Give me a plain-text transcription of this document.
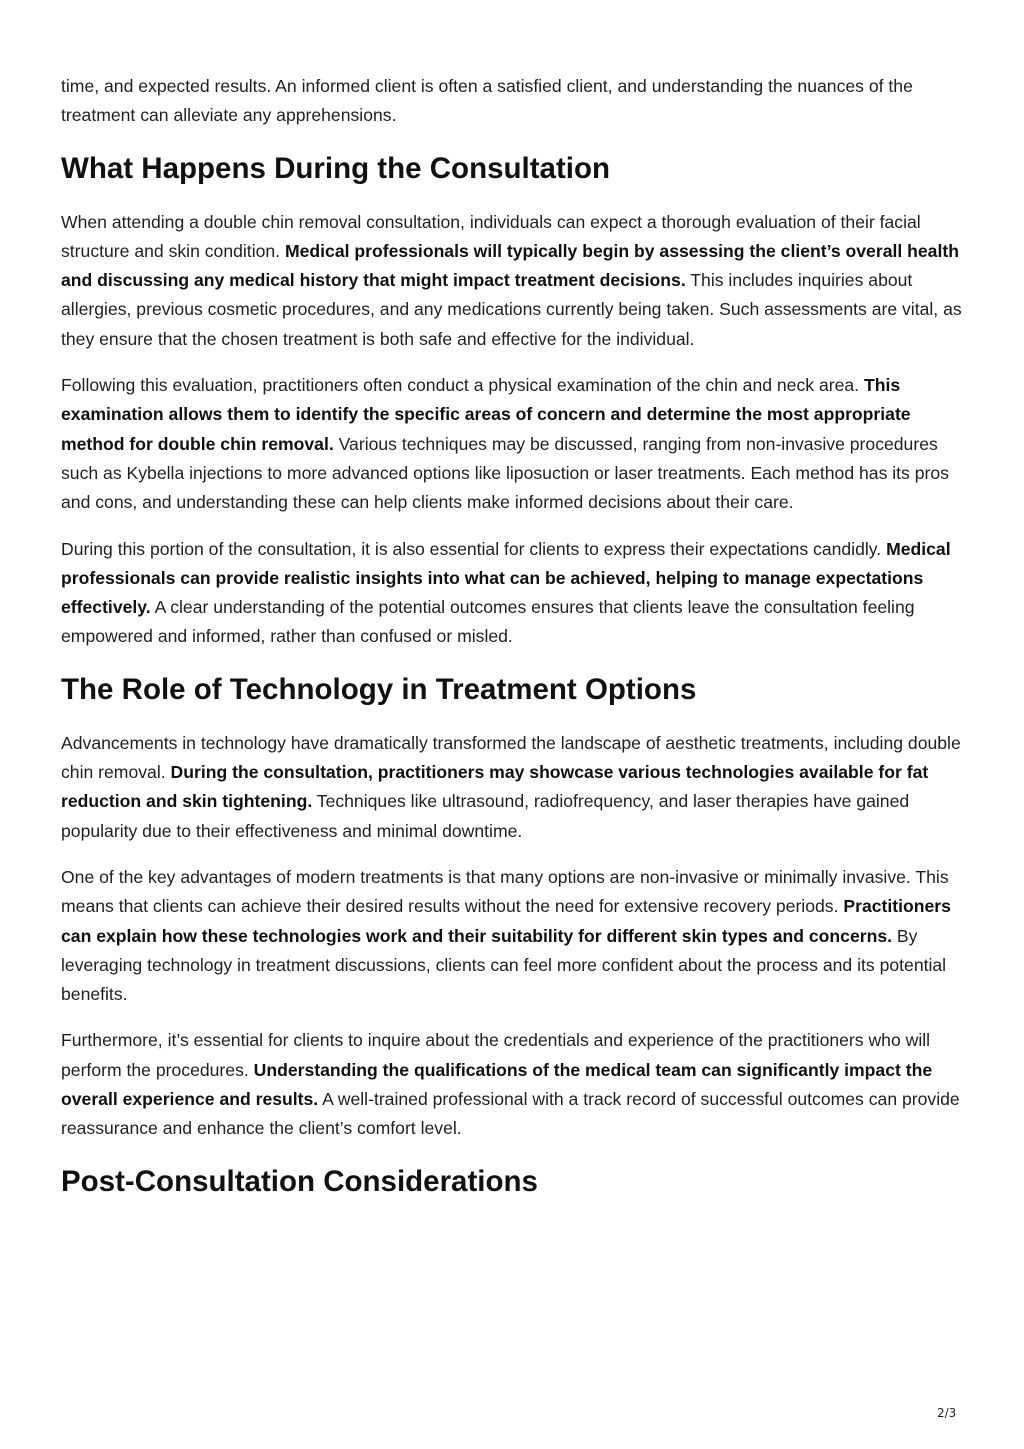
time, and expected results. An informed client is often a satisfied client, and understanding the nuances of the treatment can alleviate any apprehensions.

What Happens During the Consultation

When attending a double chin removal consultation, individuals can expect a thorough evaluation of their facial structure and skin condition. Medical professionals will typically begin by assessing the client’s overall health and discussing any medical history that might impact treatment decisions. This includes inquiries about allergies, previous cosmetic procedures, and any medications currently being taken. Such assessments are vital, as they ensure that the chosen treatment is both safe and effective for the individual.

Following this evaluation, practitioners often conduct a physical examination of the chin and neck area. This examination allows them to identify the specific areas of concern and determine the most appropriate method for double chin removal. Various techniques may be discussed, ranging from non-invasive procedures such as Kybella injections to more advanced options like liposuction or laser treatments. Each method has its pros and cons, and understanding these can help clients make informed decisions about their care.

During this portion of the consultation, it is also essential for clients to express their expectations candidly. Medical professionals can provide realistic insights into what can be achieved, helping to manage expectations effectively. A clear understanding of the potential outcomes ensures that clients leave the consultation feeling empowered and informed, rather than confused or misled.

The Role of Technology in Treatment Options

Advancements in technology have dramatically transformed the landscape of aesthetic treatments, including double chin removal. During the consultation, practitioners may showcase various technologies available for fat reduction and skin tightening. Techniques like ultrasound, radiofrequency, and laser therapies have gained popularity due to their effectiveness and minimal downtime.

One of the key advantages of modern treatments is that many options are non-invasive or minimally invasive. This means that clients can achieve their desired results without the need for extensive recovery periods. Practitioners can explain how these technologies work and their suitability for different skin types and concerns. By leveraging technology in treatment discussions, clients can feel more confident about the process and its potential benefits.

Furthermore, it’s essential for clients to inquire about the credentials and experience of the practitioners who will perform the procedures. Understanding the qualifications of the medical team can significantly impact the overall experience and results. A well-trained professional with a track record of successful outcomes can provide reassurance and enhance the client’s comfort level.

Post-Consultation Considerations
2/3
